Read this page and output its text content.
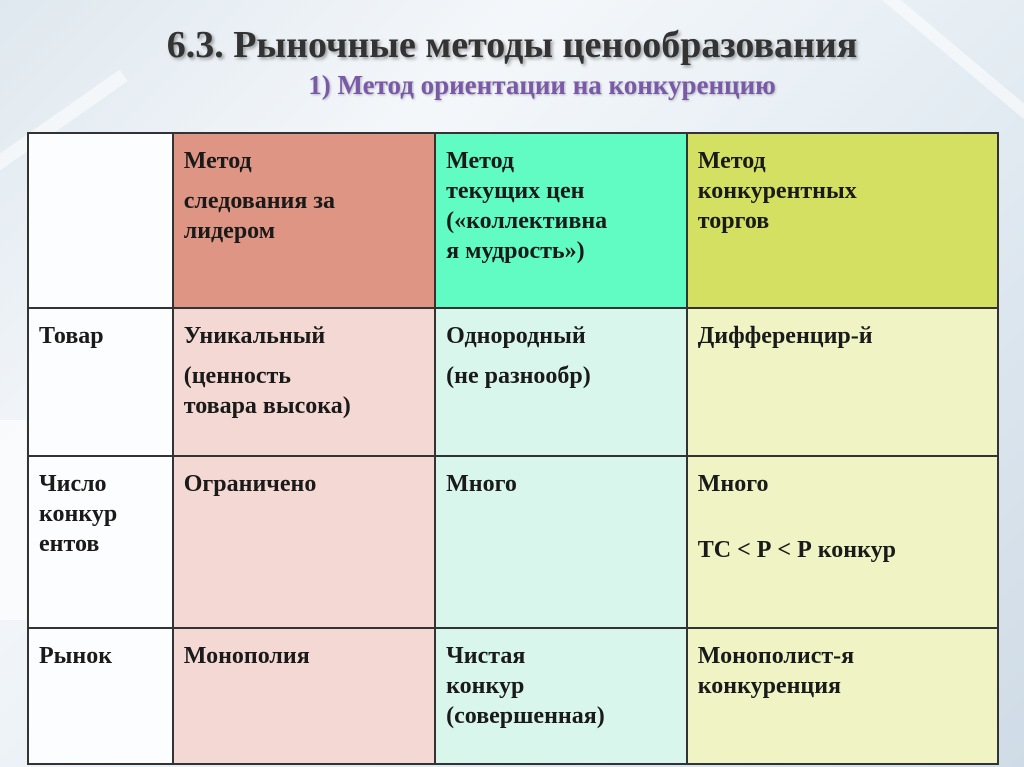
6.3. Рыночные методы ценообразования
1) Метод ориентации на конкуренцию

	Метод
следования за
лидером	Метод
текущих цен
(«коллективна
я мудрость»)	Метод
конкурентных
торгов

Товар	Уникальный
(ценность
товара высока)	Однородный
(не разнообр)	Дифференцир-й

Число
конкур
ентов	Ограничено	Много	Много
ТС < Р < Р конкур

Рынок	Монополия	Чистая
конкур
(совершенная)	Монополист-я
конкуренция
